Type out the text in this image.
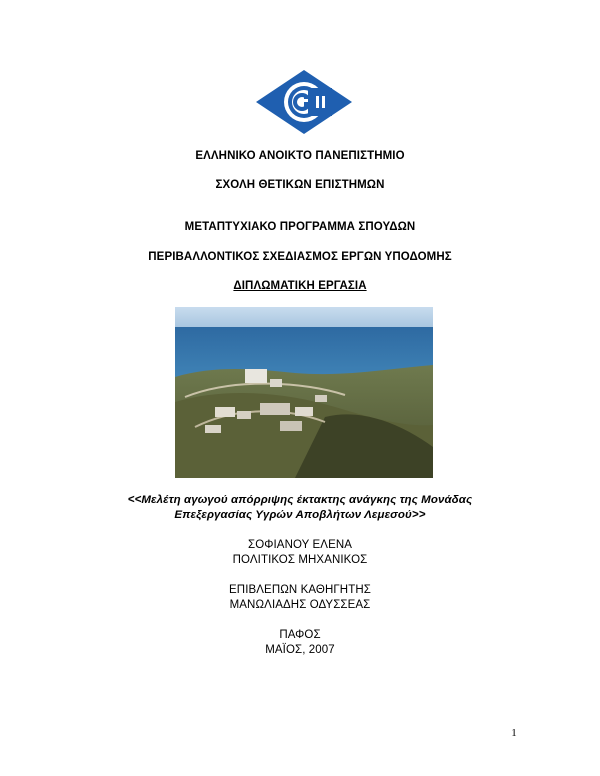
ΕΛΛΗΝΙΚΟ ΑΝΟΙΚΤΟ ΠΑΝΕΠΙΣΤΗΜΙΟ
ΣΧΟΛΗ ΘΕΤΙΚΩΝ ΕΠΙΣΤΗΜΩΝ
ΜΕΤΑΠΤΥΧΙΑΚΟ ΠΡΟΓΡΑΜΜΑ ΣΠΟΥΔΩΝ
ΠΕΡΙΒΑΛΛΟΝΤΙΚΟΣ ΣΧΕΔΙΑΣΜΟΣ ΕΡΓΩΝ ΥΠΟΔΟΜΗΣ
ΔΙΠΛΩΜΑΤΙΚΗ ΕΡΓΑΣΙΑ
<<Μελέτη αγωγού απόρριψης έκτακτης ανάγκης της Μονάδας
Επεξεργασίας Υγρών Αποβλήτων Λεμεσού>>
ΣΟΦΙΑΝΟΥ ΕΛΕΝΑ
ΠΟΛΙΤΙΚΟΣ ΜΗΧΑΝΙΚΟΣ
ΕΠΙΒΛΕΠΩΝ ΚΑΘΗΓΗΤΗΣ
ΜΑΝΩΛΙΑΔΗΣ ΟΔΥΣΣΕΑΣ
ΠΑΦΟΣ
ΜΑΪΟΣ, 2007
1
